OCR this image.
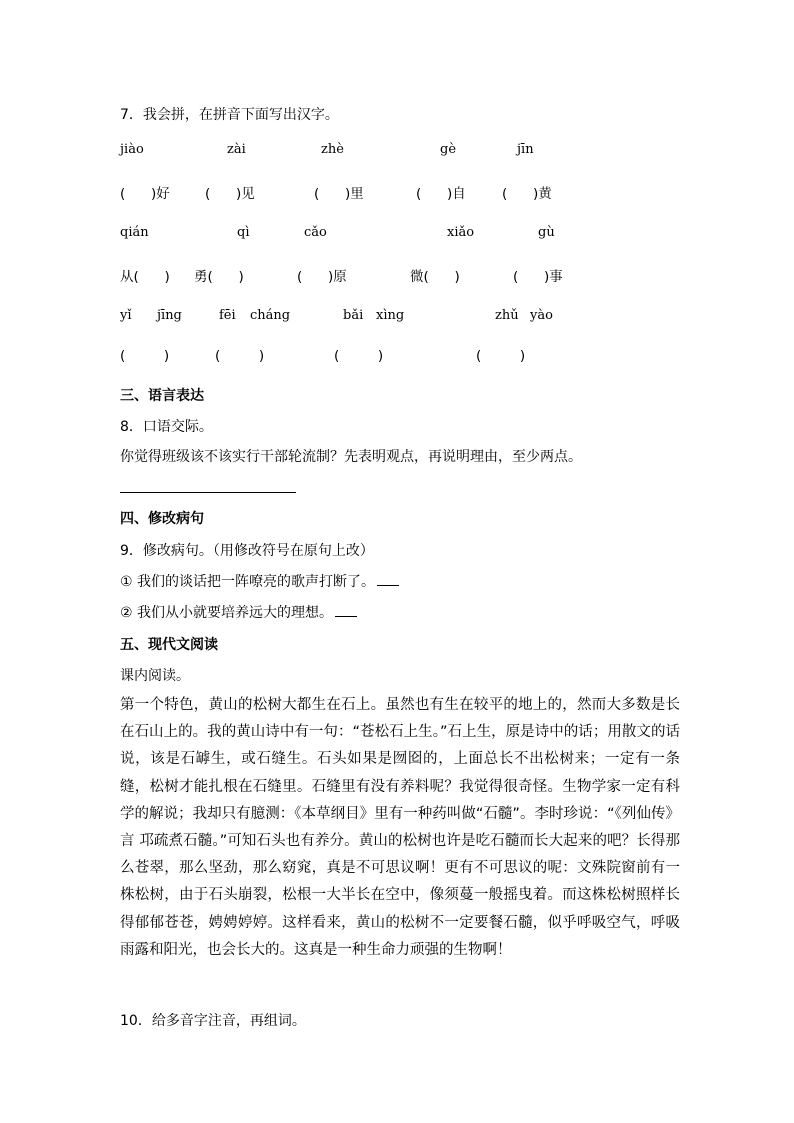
7．我会拼，在拼音下面写出汉字。
jiào	zài	zhè	gè	jīn
(      )好	(      )见	(      )里	(      )自	(      )黄
qián	qì	cǎo	xiǎo	gù
从(      ) 勇(      )	(      )原	微(      )	(      )事
yǐ jīng	fēi cháng	bǎi xìng	zhǔ yào
(         )	(         )	(         )	(         )
三、语言表达
8．口语交际。
你觉得班级该不该实行干部轮流制？先表明观点，再说明理由，至少两点。
四、修改病句
9．修改病句。（用修改符号在原句上改）
① 我们的谈话把一阵嘹亮的歌声打断了。
② 我们从小就要培养远大的理想。
五、现代文阅读
课内阅读。
第一个特色，黄山的松树大都生在石上。虽然也有生在较平的地上的，然而大多数是长在石山上的。我的黄山诗中有一句：“苍松石上生。”石上生，原是诗中的话；用散文的话说，该是石罅生，或石缝生。石头如果是囫囵的，上面总长不出松树来；一定有一条缝，松树才能扎根在石缝里。石缝里有没有养料呢？我觉得很奇怪。生物学家一定有科学的解说；我却只有臆测：《本草纲目》里有一种药叫做“石髓”。李时珍说：“《列仙传》言 邛疏煮石髓。”可知石头也有养分。黄山的松树也许是吃石髓而长大起来的吧？长得那么苍翠，那么坚劲，那么窈窕，真是不可思议啊！更有不可思议的呢：文殊院窗前有一株松树，由于石头崩裂，松根一大半长在空中，像须蔓一般摇曳着。而这株松树照样长得郁郁苍苍，娉娉婷婷。这样看来，黄山的松树不一定要餐石髓，似乎呼吸空气，呼吸雨露和阳光，也会长大的。这真是一种生命力顽强的生物啊！
10．给多音字注音，再组词。
